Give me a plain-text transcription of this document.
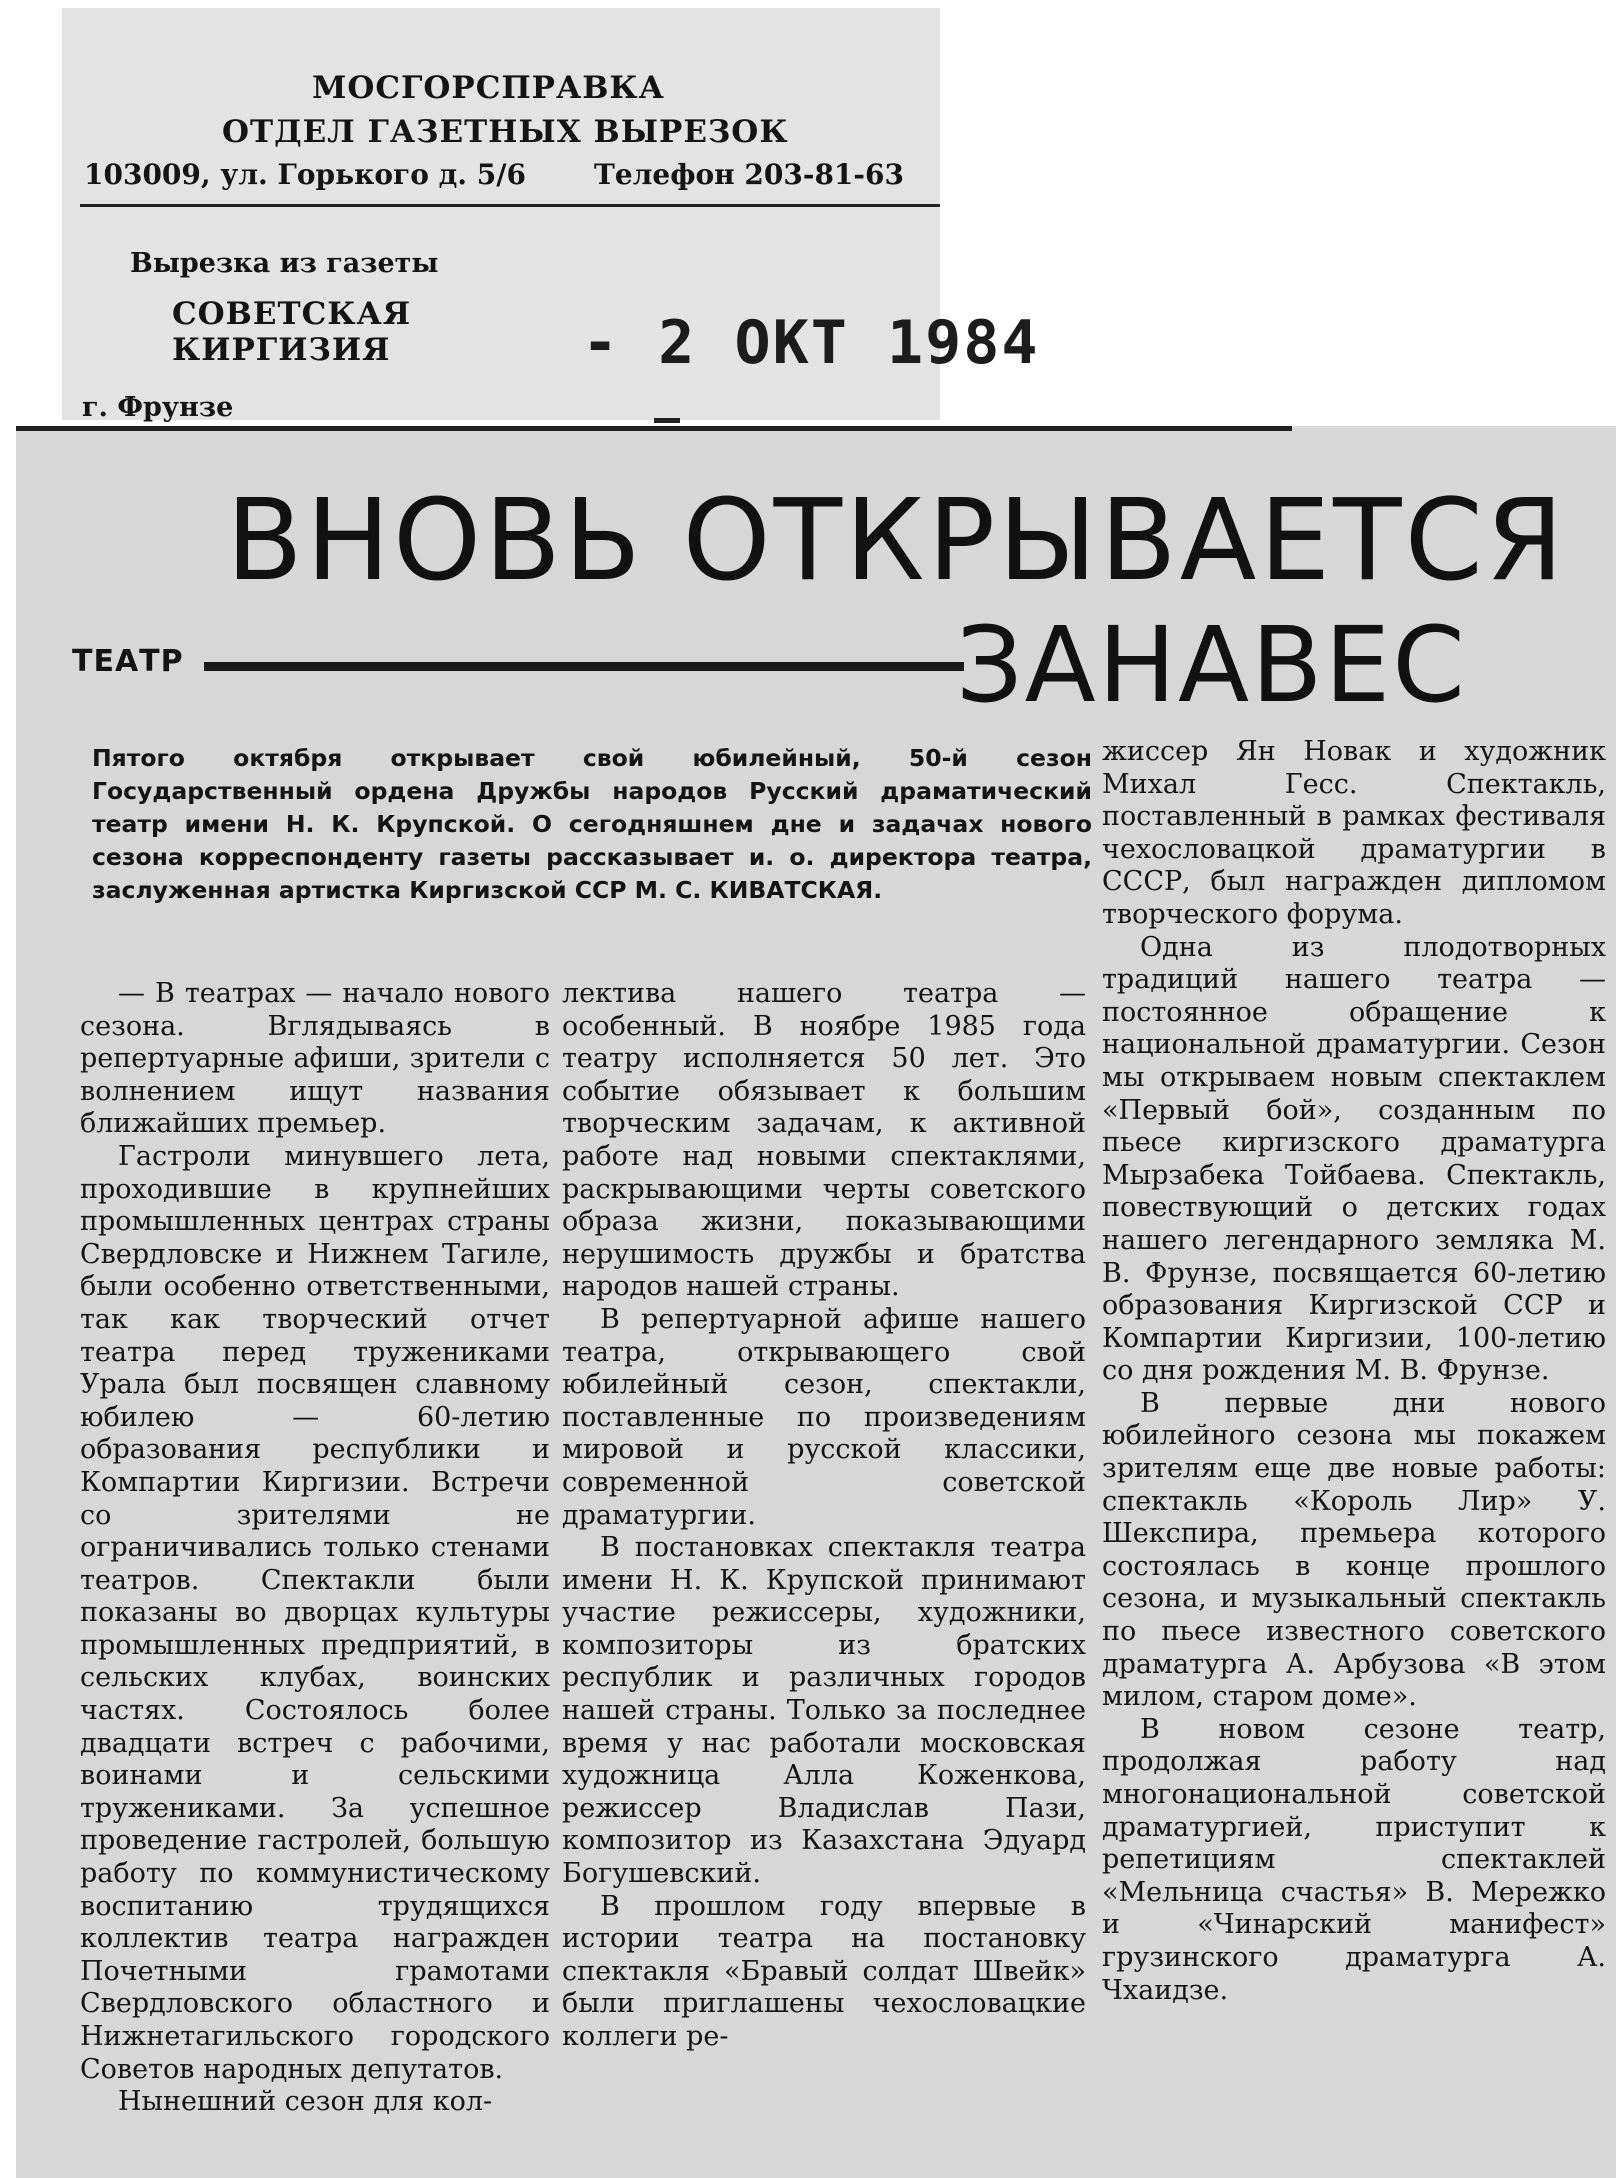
МОСГОРСПРАВКА
ОТДЕЛ ГАЗЕТНЫХ ВЫРЕЗОК
103009, ул. Горького д. 5/6 Телефон 203-81-63
Вырезка из газеты
СОВЕТСКАЯ
КИРГИЗИЯ
г. Фрунзе
- 2 ОКТ 1984
ВНОВЬ ОТКРЫВАЕТСЯ
ТЕАТР	ЗАНАВЕС

Пятого октября открывает свой юбилейный, 50-й сезон Государственный ордена Дружбы народов Русский драматический театр имени Н. К. Крупской. О сегодняшнем дне и задачах нового сезона корреспонденту газеты рассказывает и. о. директора театра, заслуженная артистка Киргизской ССР М. С. КИВАТСКАЯ.

— В театрах — начало нового сезона. Вглядываясь в репертуарные афиши, зрители с волнением ищут названия ближайших премьер.

Гастроли минувшего лета, проходившие в крупнейших промышленных центрах страны Свердловске и Нижнем Тагиле, были особенно ответственными, так как творческий отчет театра перед тружениками Урала был посвящен славному юбилею — 60-летию образования республики и Компартии Киргизии. Встречи со зрителями не ограничивались только стенами театров. Спектакли были показаны во дворцах культуры промышленных предприятий, в сельских клубах, воинских частях. Состоялось более двадцати встреч с рабочими, воинами и сельскими тружениками. За успешное проведение гастролей, большую работу по коммунистическому воспитанию трудящихся коллектив театра награжден Почетными грамотами Свердловского областного и Нижнетагильского городского Советов народных депутатов.

Нынешний сезон для кол-

лектива нашего театра — особенный. В ноябре 1985 года театру исполняется 50 лет. Это событие обязывает к большим творческим задачам, к активной работе над новыми спектаклями, раскрывающими черты советского образа жизни, показывающими нерушимость дружбы и братства народов нашей страны.

В репертуарной афише нашего театра, открывающего свой юбилейный сезон, спектакли, поставленные по произведениям мировой и русской классики, современной советской драматургии.

В постановках спектакля театра имени Н. К. Крупской принимают участие режиссеры, художники, композиторы из братских республик и различных городов нашей страны. Только за последнее время у нас работали московская художница Алла Коженкова, режиссер Владислав Пази, композитор из Казахстана Эдуард Богушевский.

В прошлом году впервые в истории театра на постановку спектакля «Бравый солдат Швейк» были приглашены чехословацкие коллеги ре-

жиссер Ян Новак и художник Михал Гесс. Спектакль, поставленный в рамках фестиваля чехословацкой драматургии в СССР, был награжден дипломом творческого форума.

Одна из плодотворных традиций нашего театра — постоянное обращение к национальной драматургии. Сезон мы открываем новым спектаклем «Первый бой», созданным по пьесе киргизского драматурга Мырзабека Тойбаева. Спектакль, повествующий о детских годах нашего легендарного земляка М. В. Фрунзе, посвящается 60-летию образования Киргизской ССР и Компартии Киргизии, 100-летию со дня рождения М. В. Фрунзе.

В первые дни нового юбилейного сезона мы покажем зрителям еще две новые работы: спектакль «Король Лир» У. Шекспира, премьера которого состоялась в конце прошлого сезона, и музыкальный спектакль по пьесе известного советского драматурга А. Арбузова «В этом милом, старом доме».

В новом сезоне театр, продолжая работу над многонациональной советской драматургией, приступит к репетициям спектаклей «Мельница счастья» В. Мережко и «Чинарский манифест» грузинского драматурга А. Чхаидзе.
